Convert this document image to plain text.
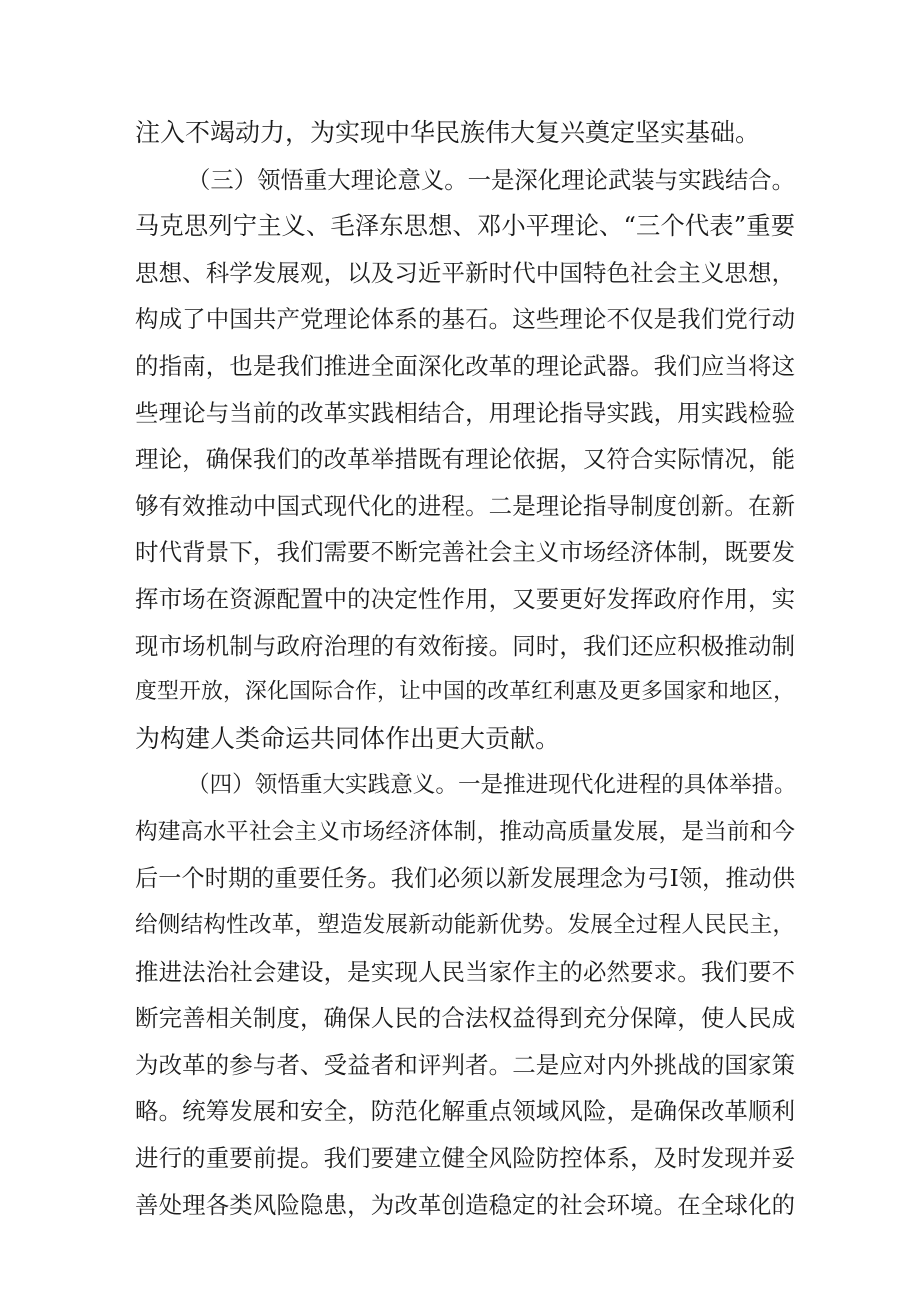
注入不竭动力，为实现中华民族伟大复兴奠定坚实基础。
（三）领悟重大理论意义。一是深化理论武装与实践结合。
马克思列宁主义、毛泽东思想、邓小平理论、“三个代表”重要
思想、科学发展观，以及习近平新时代中国特色社会主义思想，
构成了中国共产党理论体系的基石。这些理论不仅是我们党行动
的指南，也是我们推进全面深化改革的理论武器。我们应当将这
些理论与当前的改革实践相结合，用理论指导实践，用实践检验
理论，确保我们的改革举措既有理论依据，又符合实际情况，能
够有效推动中国式现代化的进程。二是理论指导制度创新。在新
时代背景下，我们需要不断完善社会主义市场经济体制，既要发
挥市场在资源配置中的决定性作用，又要更好发挥政府作用，实
现市场机制与政府治理的有效衔接。同时，我们还应积极推动制
度型开放，深化国际合作，让中国的改革红利惠及更多国家和地区，
为构建人类命运共同体作出更大贡献。
（四）领悟重大实践意义。一是推进现代化进程的具体举措。
构建高水平社会主义市场经济体制，推动高质量发展，是当前和今
后一个时期的重要任务。我们必须以新发展理念为弓I领，推动供
给侧结构性改革，塑造发展新动能新优势。发展全过程人民民主，
推进法治社会建设，是实现人民当家作主的必然要求。我们要不
断完善相关制度，确保人民的合法权益得到充分保障，使人民成
为改革的参与者、受益者和评判者。二是应对内外挑战的国家策
略。统筹发展和安全，防范化解重点领域风险，是确保改革顺利
进行的重要前提。我们要建立健全风险防控体系，及时发现并妥
善处理各类风险隐患，为改革创造稳定的社会环境。在全球化的
